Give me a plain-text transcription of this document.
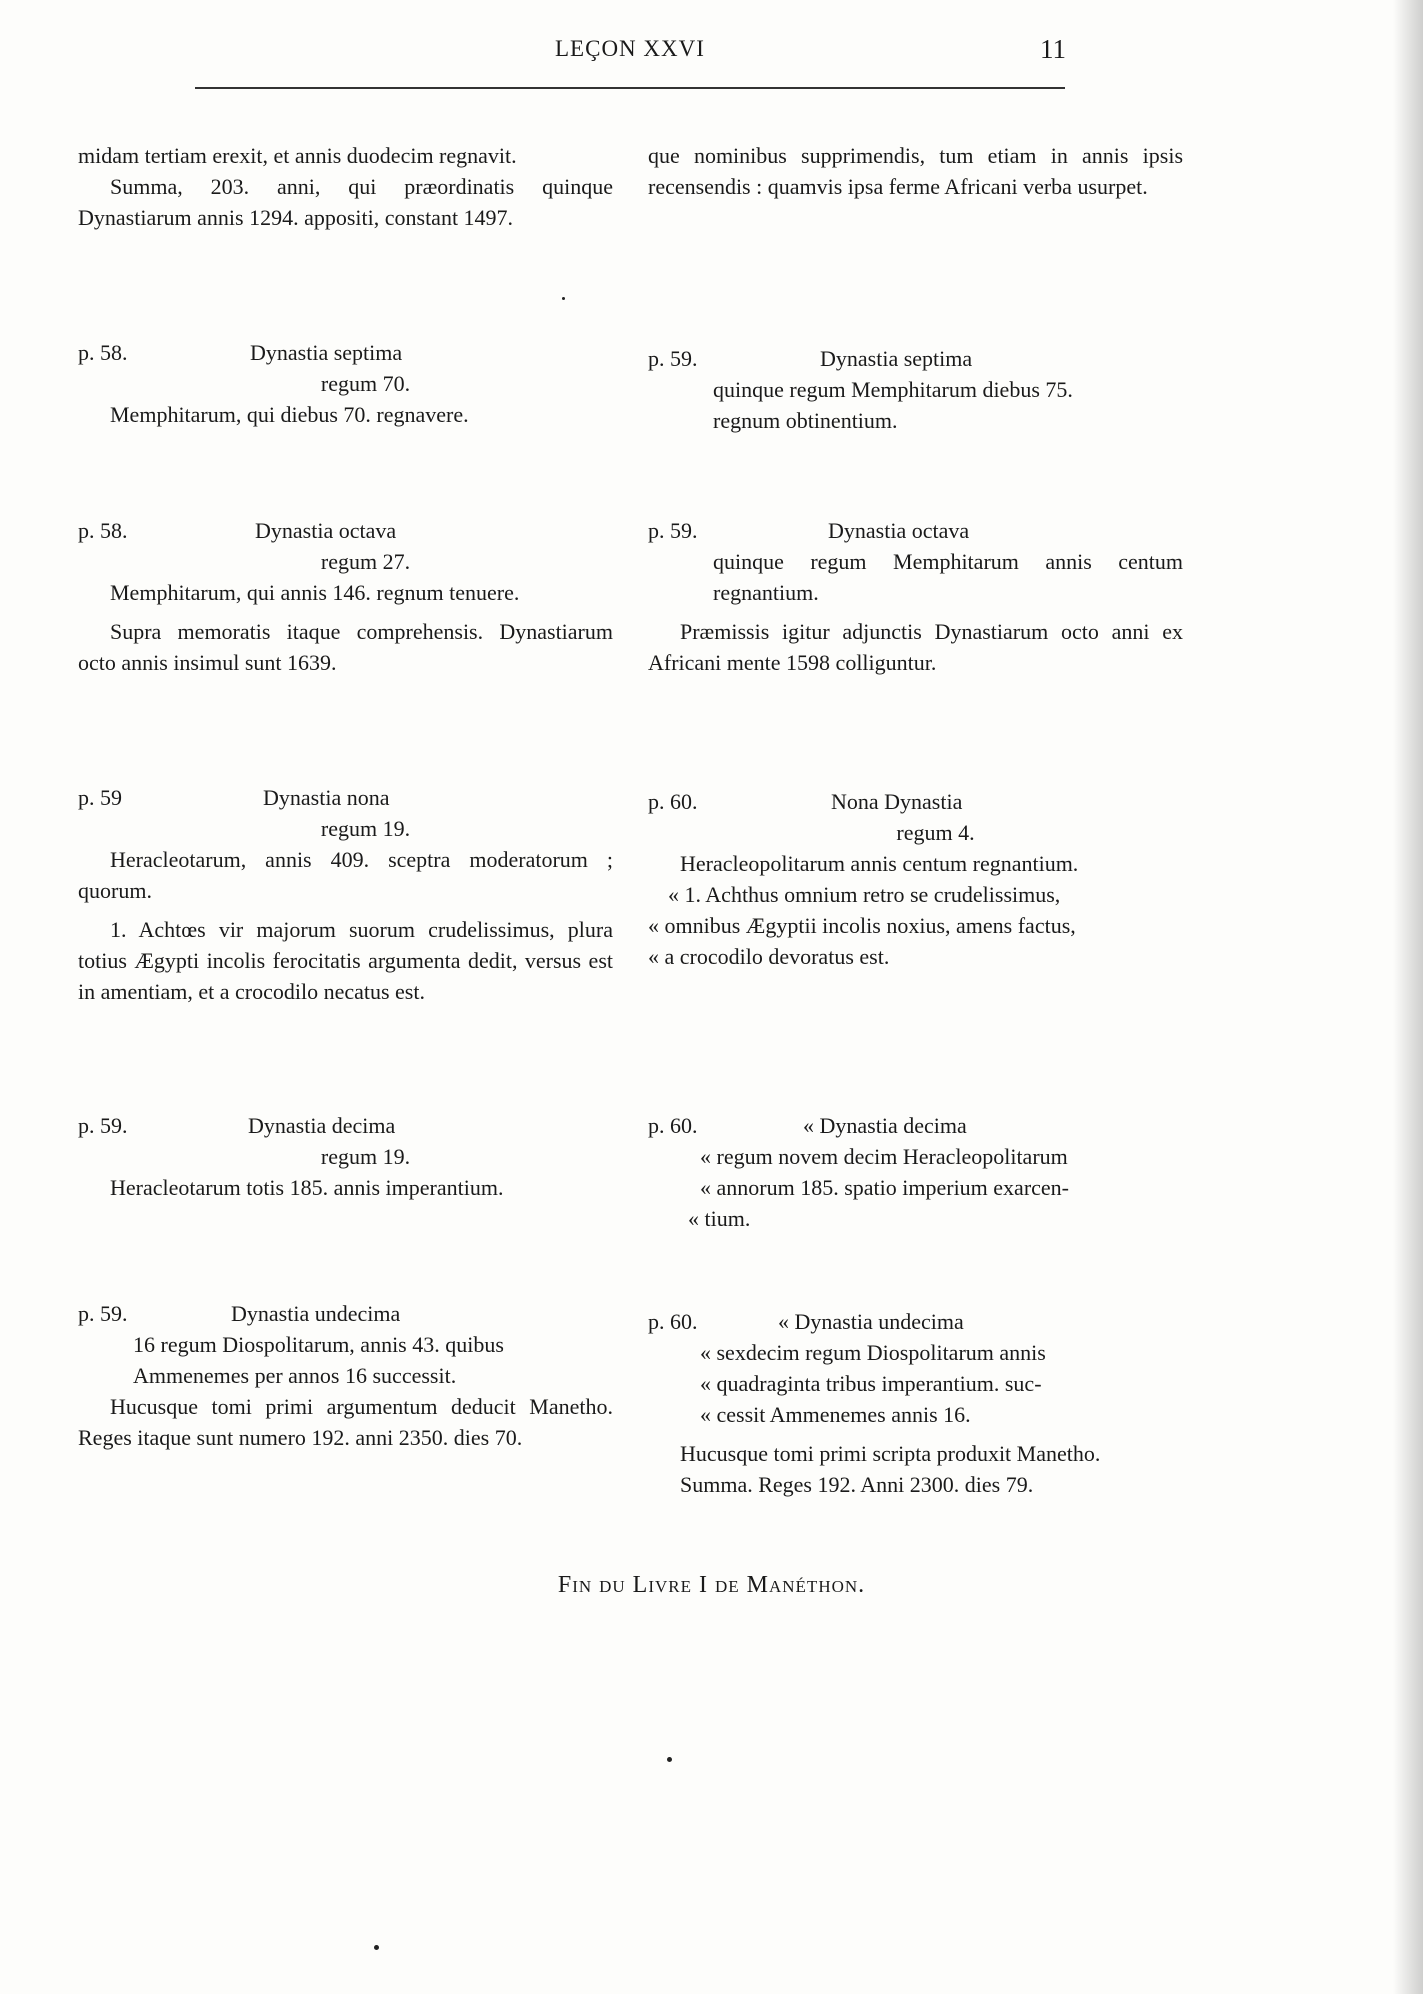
LEÇON XXVI	11

midam tertiam erexit, et annis duodecim regnavit.

Summa, 203. anni, qui præordinatis quinque Dynastiarum annis 1294. appositi, constant 1497.

p. 58.	Dynastia septima

regum 70.

Memphitarum, qui diebus 70. regnavere.

p. 58.	Dynastia octava

regum 27.

Memphitarum, qui annis 146. regnum tenuere.

Supra memoratis itaque comprehensis. Dynastiarum octo annis insimul sunt 1639.

p. 59	Dynastia nona

regum 19.

Heracleotarum, annis 409. sceptra moderatorum ; quorum.

1. Achtœs vir majorum suorum crudelissimus, plura totius Ægypti incolis ferocitatis argumenta dedit, versus est in amentiam, et a crocodilo necatus est.

p. 59.	Dynastia decima

regum 19.

Heracleotarum totis 185. annis imperantium.

p. 59.	Dynastia undecima

16 regum Diospolitarum, annis 43. quibus

Ammenemes per annos 16 successit.

Hucusque tomi primi argumentum deducit Manetho. Reges itaque sunt numero 192. anni 2350. dies 70.

que nominibus supprimendis, tum etiam in annis ipsis recensendis : quamvis ipsa ferme Africani verba usurpet.

p. 59.	Dynastia septima

quinque regum Memphitarum diebus 75.

regnum obtinentium.

p. 59.	Dynastia octava

quinque regum Memphitarum annis centum regnantium.

Præmissis igitur adjunctis Dynastiarum octo anni ex Africani mente 1598 colliguntur.

p. 60.	Nona Dynastia

regum 4.

Heracleopolitarum annis centum regnantium.

« 1. Achthus omnium retro se crudelissimus,

« omnibus Ægyptii incolis noxius, amens factus,

« a crocodilo devoratus est.

p. 60.	« Dynastia decima

« regum novem decim Heracleopolitarum

« annorum 185. spatio imperium exarcen-

« tium.

p. 60.	« Dynastia undecima

« sexdecim regum Diospolitarum annis

« quadraginta tribus imperantium. suc-

« cessit Ammenemes annis 16.

Hucusque tomi primi scripta produxit Manetho.

Summa. Reges 192. Anni 2300. dies 79.

Fin du Livre I de Manéthon.
